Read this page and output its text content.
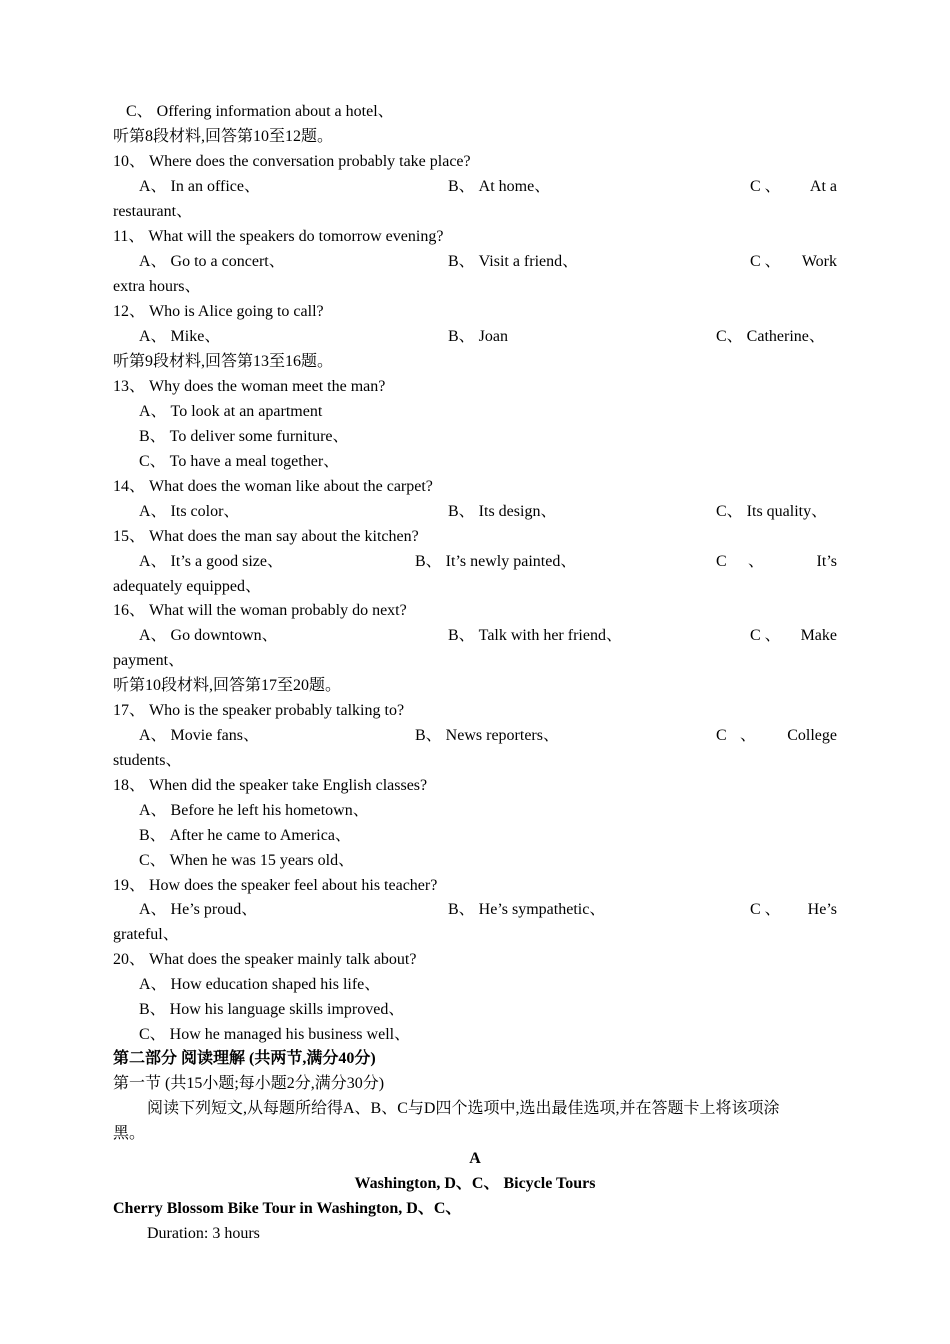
C、 Offering information about a hotel、
听第8段材料,回答第10至12题。
10、 Where does the conversation probably take place?
A、 In an office、	B、 At home、	C 、 At a
restaurant、
11、 What will the speakers do tomorrow evening?
A、 Go to a concert、	B、 Visit a friend、	C 、 Work
extra hours、
12、 Who is Alice going to call?
A、 Mike、	B、 Joan	C、 Catherine、
听第9段材料,回答第13至16题。
13、 Why does the woman meet the man?
A、 To look at an apartment
B、 To deliver some furniture、
C、 To have a meal together、
14、 What does the woman like about the carpet?
A、 Its color、	B、 Its design、	C、 Its quality、
15、 What does the man say about the kitchen?
A、 It’s a good size、	B、 It’s newly painted、	C 、	It’s
adequately equipped、
16、 What will the woman probably do next?
A、 Go downtown、	B、 Talk with her friend、	C 、 Make
payment、
听第10段材料,回答第17至20题。
17、 Who is the speaker probably talking to?
A、 Movie fans、	B、 News reporters、	C 、 College
students、
18、 When did the speaker take English classes?
A、 Before he left his hometown、
B、 After he came to America、
C、 When he was 15 years old、
19、 How does the speaker feel about his teacher?
A、 He’s proud、	B、 He’s sympathetic、	C 、 He’s
grateful、
20、 What does the speaker mainly talk about?
A、 How education shaped his life、
B、 How his language skills improved、
C、 How he managed his business well、
第二部分 阅读理解 (共两节,满分40分)
第一节 (共15小题;每小题2分,满分30分)
阅读下列短文,从每题所给得A、B、C与D四个选项中,选出最佳选项,并在答题卡上将该项涂
黑。
A
Washington, D、C、 Bicycle Tours
Cherry Blossom Bike Tour in Washington, D、C、
Duration: 3 hours
